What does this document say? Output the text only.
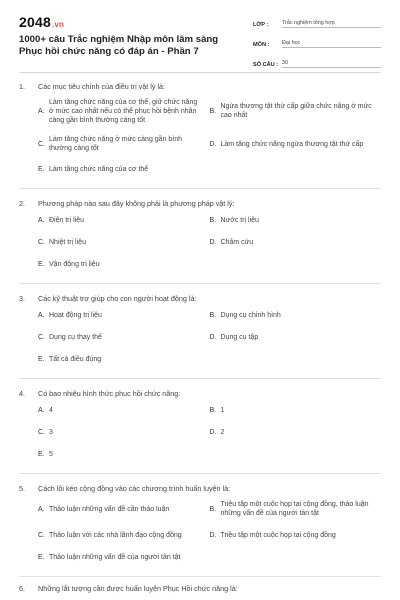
2048.vn
1000+ câu Trắc nghiệm Nhập môn lâm sàng Phục hồi chức năng có đáp án - Phần 7
LỚP :	Trắc nghiệm tổng hợp
MÔN :	Đại học
SỐ CÂU : 30
1.	Các mục tiêu chính của điều trị vật lý là:
A.
Làm tăng chức năng của cơ thể, giữ chức năng ở mức cao nhất nếu có thể phục hồi bệnh nhân càng gần bình thường càng tốt
B.
Ngừa thương tật thứ cấp giữa chức năng ở mức cao nhất
C.
Làm tăng chức năng ở mức càng gần bình thường càng tốt
D. Làm tăng chức năng ngừa thương tật thứ cấp
E. Làm tăng chức năng của cơ thể
2.	Phương pháp nào sau đây không phải là phương pháp vật lý:
A. Điện trị liệu	B. Nước trị liệu
C. Nhiệt trị liệu	D. Châm cứu
E. Vận động trị liệu
3.	Các kỹ thuật trợ giúp cho con người hoạt động là:
A. Hoạt động trị liệu	B. Dụng cụ chỉnh hình
C. Dụng cụ thay thế	D. Dụng cụ tập
E. Tất cả điều đúng
4.	Có bao nhiêu hình thức phục hồi chức năng:
A. 4	B. 1
C. 3	D. 2
E. 5
5.	Cách lôi kéo cộng đồng vào các chương trình huấn luyện là:
A. Thảo luận những vấn đề cần thảo luận	B.
Triệu tập một cuộc họp tại cộng đồng, thảo luận những vấn đề của người tàn tật
C. Thảo luận với các nhà lãnh đạo cộng đồng	D. Triệu tập một cuộc họp tại cộng đồng
E. Thảo luận những vấn đề của người tàn tật
6.	Những lắt tượng cần được huấn luyện Phục Hồi chức năng là:
